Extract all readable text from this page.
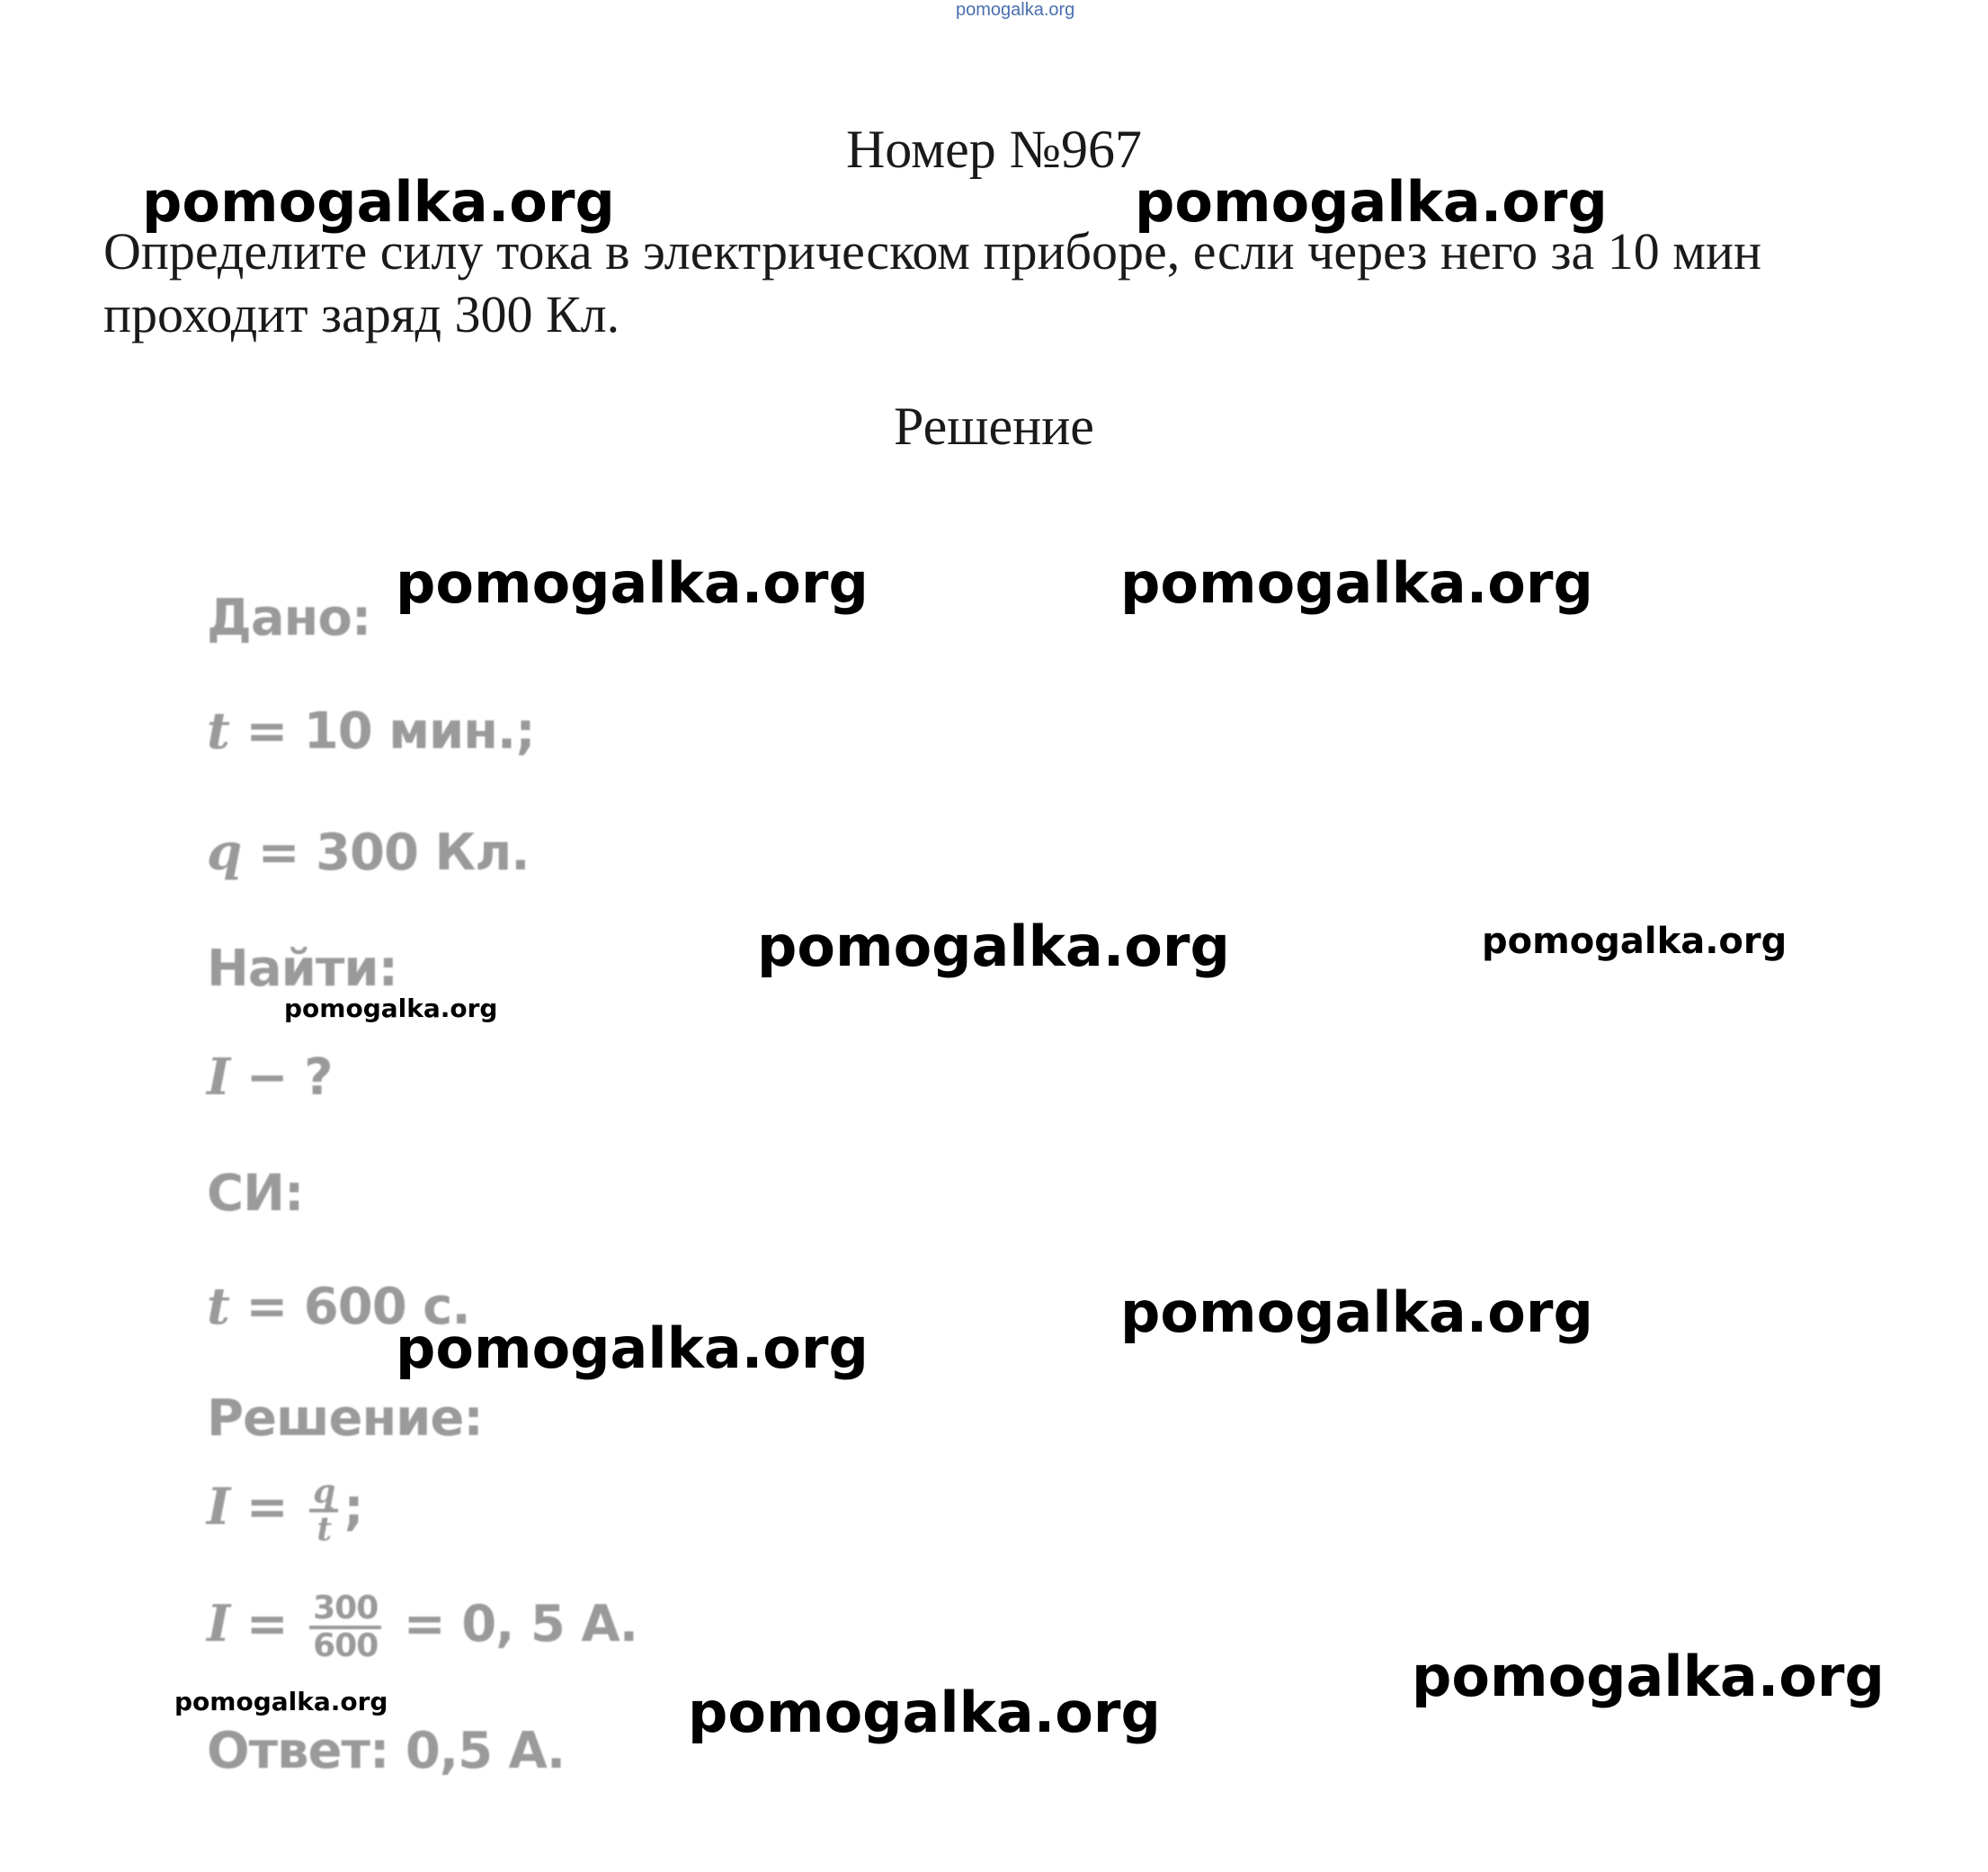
pomogalka.org
Номер №967
Определите силу тока в электрическом приборе, если через него за 10 мин проходит заряд 300 Кл.
Решение
Дано:
t = 10 мин.;
q = 300 Кл.
Найти:
I − ?
СИ:
t = 600 с.
Решение:
$I = \frac{q}{t}$ ;
$I = \frac{300}{600} = 0$, 5 А.
Ответ: 0,5 А.
pomogalka.org	pomogalka.org
pomogalka.org	pomogalka.org
pomogalka.org	pomogalka.org
pomogalka.org
pomogalka.org
pomogalka.org
pomogalka.org
pomogalka.org	pomogalka.org
